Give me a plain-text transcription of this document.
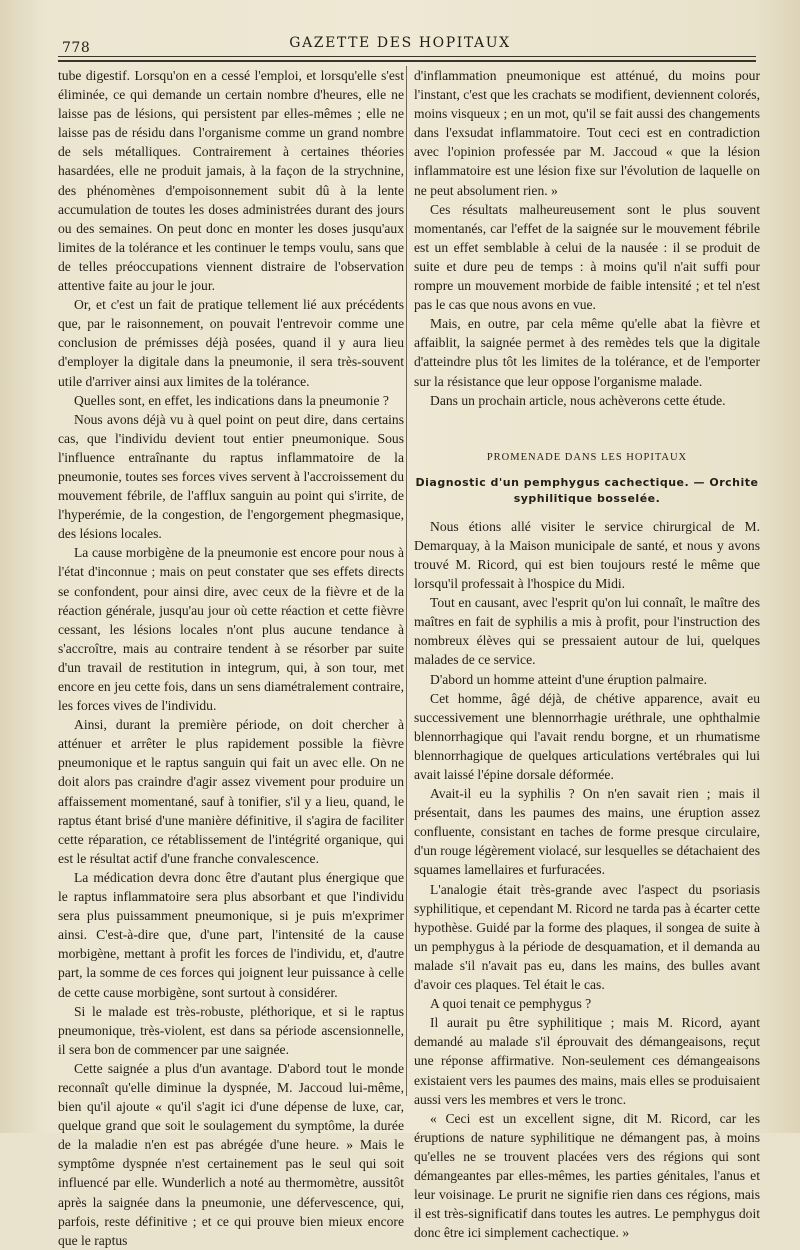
778	GAZETTE DES HOPITAUX

tube digestif. Lorsqu'on en a cessé l'emploi, et lorsqu'elle s'est éliminée, ce qui demande un certain nombre d'heures, elle ne laisse pas de lésions, qui persistent par elles-mêmes ; elle ne laisse pas de résidu dans l'organisme comme un grand nombre de sels métalliques. Contrairement à certaines théories hasardées, elle ne produit jamais, à la façon de la strychnine, des phénomènes d'empoisonnement subit dû à la lente accumulation de toutes les doses administrées durant des jours ou des semaines. On peut donc en monter les doses jusqu'aux limites de la tolérance et les continuer le temps voulu, sans que de telles préoccupations viennent distraire de l'observation attentive faite au jour le jour.

Or, et c'est un fait de pratique tellement lié aux précédents que, par le raisonnement, on pouvait l'entrevoir comme une conclusion de prémisses déjà posées, quand il y aura lieu d'employer la digitale dans la pneumonie, il sera très-souvent utile d'arriver ainsi aux limites de la tolérance.

Quelles sont, en effet, les indications dans la pneumonie ?

Nous avons déjà vu à quel point on peut dire, dans certains cas, que l'individu devient tout entier pneumonique. Sous l'influence entraînante du raptus inflammatoire de la pneumonie, toutes ses forces vives servent à l'accroissement du mouvement fébrile, de l'afflux sanguin au point qui s'irrite, de l'hyperémie, de la congestion, de l'engorgement phegmasique, des lésions locales.

La cause morbigène de la pneumonie est encore pour nous à l'état d'inconnue ; mais on peut constater que ses effets directs se confondent, pour ainsi dire, avec ceux de la fièvre et de la réaction générale, jusqu'au jour où cette réaction et cette fièvre cessant, les lésions locales n'ont plus aucune tendance à s'accroître, mais au contraire tendent à se résorber par suite d'un travail de restitution in integrum, qui, à son tour, met encore en jeu cette fois, dans un sens diamétralement contraire, les forces vives de l'individu.

Ainsi, durant la première période, on doit chercher à atténuer et arrêter le plus rapidement possible la fièvre pneumonique et le raptus sanguin qui fait un avec elle. On ne doit alors pas craindre d'agir assez vivement pour produire un affaissement momentané, sauf à tonifier, s'il y a lieu, quand, le raptus étant brisé d'une manière définitive, il s'agira de faciliter cette réparation, ce rétablissement de l'intégrité organique, qui est le résultat actif d'une franche convalescence.

La médication devra donc être d'autant plus énergique que le raptus inflammatoire sera plus absorbant et que l'individu sera plus puissamment pneumonique, si je puis m'exprimer ainsi. C'est-à-dire que, d'une part, l'intensité de la cause morbigène, mettant à profit les forces de l'individu, et, d'autre part, la somme de ces forces qui joignent leur puissance à celle de cette cause morbigène, sont surtout à considérer.

Si le malade est très-robuste, pléthorique, et si le raptus pneumonique, très-violent, est dans sa période ascensionnelle, il sera bon de commencer par une saignée.

Cette saignée a plus d'un avantage. D'abord tout le monde reconnaît qu'elle diminue la dyspnée, M. Jaccoud lui-même, bien qu'il ajoute « qu'il s'agit ici d'une dépense de luxe, car, quelque grand que soit le soulagement du symptôme, la durée de la maladie n'en est pas abrégée d'une heure. » Mais le symptôme dyspnée n'est certainement pas le seul qui soit influencé par elle. Wunderlich a noté au thermomètre, aussitôt après la saignée dans la pneumonie, une défervescence, qui, parfois, reste définitive ; et ce qui prouve bien mieux encore que le raptus

d'inflammation pneumonique est atténué, du moins pour l'instant, c'est que les crachats se modifient, deviennent colorés, moins visqueux ; en un mot, qu'il se fait aussi des changements dans l'exsudat inflammatoire. Tout ceci est en contradiction avec l'opinion professée par M. Jaccoud « que la lésion inflammatoire est une lésion fixe sur l'évolution de laquelle on ne peut absolument rien. »

Ces résultats malheureusement sont le plus souvent momentanés, car l'effet de la saignée sur le mouvement fébrile est un effet semblable à celui de la nausée : il se produit de suite et dure peu de temps : à moins qu'il n'ait suffi pour rompre un mouvement morbide de faible intensité ; et tel n'est pas le cas que nous avons en vue.

Mais, en outre, par cela même qu'elle abat la fièvre et affaiblit, la saignée permet à des remèdes tels que la digitale d'atteindre plus tôt les limites de la tolérance, et de l'emporter sur la résistance que leur oppose l'organisme malade.

Dans un prochain article, nous achèverons cette étude.

PROMENADE DANS LES HOPITAUX
Diagnostic d'un pemphygus cachectique. — Orchite
syphilitique bosselée.

Nous étions allé visiter le service chirurgical de M. Demarquay, à la Maison municipale de santé, et nous y avons trouvé M. Ricord, qui est bien toujours resté le même que lorsqu'il professait à l'hospice du Midi.

Tout en causant, avec l'esprit qu'on lui connaît, le maître des maîtres en fait de syphilis a mis à profit, pour l'instruction des nombreux élèves qui se pressaient autour de lui, quelques malades de ce service.

D'abord un homme atteint d'une éruption palmaire.

Cet homme, âgé déjà, de chétive apparence, avait eu successivement une blennorrhagie uréthrale, une ophthalmie blennorrhagique qui l'avait rendu borgne, et un rhumatisme blennorrhagique de quelques articulations vertébrales qui lui avait laissé l'épine dorsale déformée.

Avait-il eu la syphilis ? On n'en savait rien ; mais il présentait, dans les paumes des mains, une éruption assez confluente, consistant en taches de forme presque circulaire, d'un rouge légèrement violacé, sur lesquelles se détachaient des squames lamellaires et furfuracées.

L'analogie était très-grande avec l'aspect du psoriasis syphilitique, et cependant M. Ricord ne tarda pas à écarter cette hypothèse. Guidé par la forme des plaques, il songea de suite à un pemphygus à la période de desquamation, et il demanda au malade s'il n'avait pas eu, dans les mains, des bulles avant d'avoir ces plaques. Tel était le cas.

A quoi tenait ce pemphygus ?

Il aurait pu être syphilitique ; mais M. Ricord, ayant demandé au malade s'il éprouvait des démangeaisons, reçut une réponse affirmative. Non-seulement ces démangeaisons existaient vers les paumes des mains, mais elles se produisaient aussi vers les membres et vers le tronc.

« Ceci est un excellent signe, dit M. Ricord, car les éruptions de nature syphilitique ne démangent pas, à moins qu'elles ne se trouvent placées vers des régions qui sont démangeantes par elles-mêmes, les parties génitales, l'anus et leur voisinage. Le prurit ne signifie rien dans ces régions, mais il est très-significatif dans toutes les autres. Le pemphygus doit donc être ici simplement cachectique. »
